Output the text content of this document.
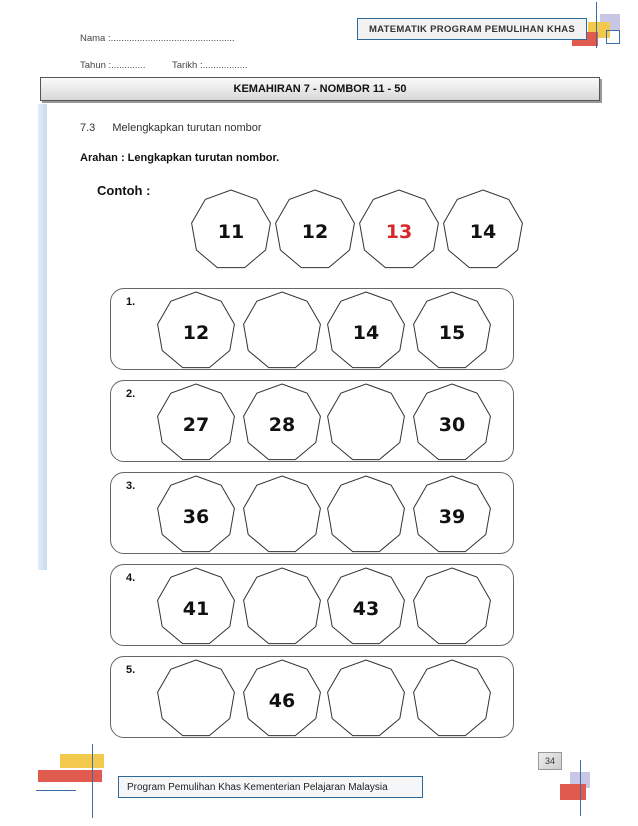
MATEMATIK PROGRAM PEMULIHAN KHAS
Nama :...............................................
Tahun :.............	Tarikh :.................
KEMAHIRAN 7 - NOMBOR 11 - 50
7.3 Melengkapkan turutan nombor
Arahan : Lengkapkan turutan nombor.
Contoh :
11	12	13	14
1.
12	14	15
2.
27	28	30
3.
36	39
4.
41	43
5.
46
34
Program Pemulihan Khas Kementerian Pelajaran Malaysia
